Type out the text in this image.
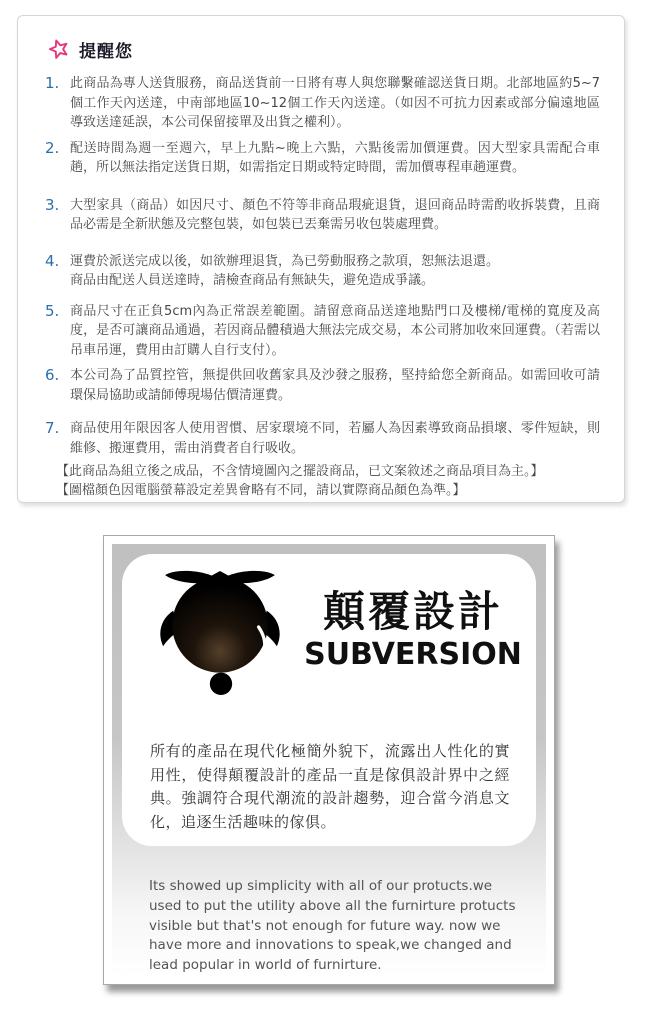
提醒您
1. 此商品為專人送貨服務，商品送貨前一日將有專人與您聯繫確認送貨日期。北部地區約5~7個工作天內送達，中南部地區10~12個工作天內送達。（如因不可抗力因素或部分偏遠地區導致送達延誤，本公司保留接單及出貨之權利）。
2. 配送時間為週一至週六，早上九點~晚上六點，六點後需加價運費。因大型家具需配合車趟，所以無法指定送貨日期，如需指定日期或特定時間，需加價專程車趟運費。
3. 大型家具（商品）如因尺寸、顏色不符等非商品瑕疵退貨，退回商品時需酌收拆裝費，且商品必需是全新狀態及完整包裝，如包裝已丟棄需另收包裝處理費。
4. 運費於派送完成以後，如欲辦理退貨，為已勞動服務之款項，恕無法退還。
商品由配送人員送達時，請檢查商品有無缺失，避免造成爭議。
5. 商品尺寸在正負5cm內為正常誤差範圍。請留意商品送達地點門口及樓梯/電梯的寬度及高度，是否可讓商品通過，若因商品體積過大無法完成交易，本公司將加收來回運費。（若需以吊車吊運，費用由訂購人自行支付）。
6. 本公司為了品質控管，無提供回收舊家具及沙發之服務，堅持給您全新商品。如需回收可請環保局協助或請師傅現場估價清運費。
7. 商品使用年限因客人使用習慣、居家環境不同，若屬人為因素導致商品損壞、零件短缺，則維修、搬運費用，需由消費者自行吸收。
【此商品為組立後之成品，不含情境圖內之擺設商品，已文案敘述之商品項目為主。】
【圖檔顏色因電腦螢幕設定差異會略有不同，請以實際商品顏色為準。】
顛覆設計
SUBVERSION
所有的產品在現代化極簡外貌下，流露出人性化的實用性，使得顛覆設計的產品一直是傢俱設計界中之經典。強調符合現代潮流的設計趨勢，迎合當今消息文化，追逐生活趣味的傢俱。
Its showed up simplicity with all of our protucts.we used to put the utility above all the furnirture protucts visible but that's not enough for future way. now we have more and innovations to speak,we changed and lead popular in world of furnirture.
